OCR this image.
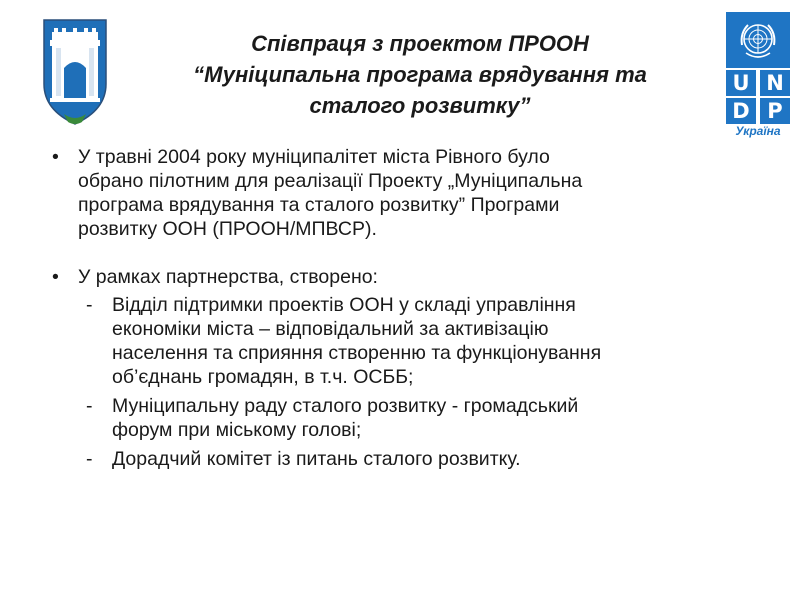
Співпраця з проектом ПРООН
“Муніципальна програма врядування та
сталого розвитку”
U N
D P
Україна
• У травні 2004 року муніципалітет міста Рівного було
обрано пілотним для реалізації Проекту „Муніципальна
програма врядування та сталого розвитку” Програми
розвитку ООН (ПРООН/МПВСР).
• У рамках партнерства, створено:
- Відділ підтримки проектів ООН у складі управління
економіки міста – відповідальний за активізацію
населення та сприяння створенню та функціонування
об’єднань громадян, в т.ч. ОСББ;
- Муніципальну раду сталого розвитку - громадський
форум при міському голові;
- Дорадчий комітет із питань сталого розвитку.
